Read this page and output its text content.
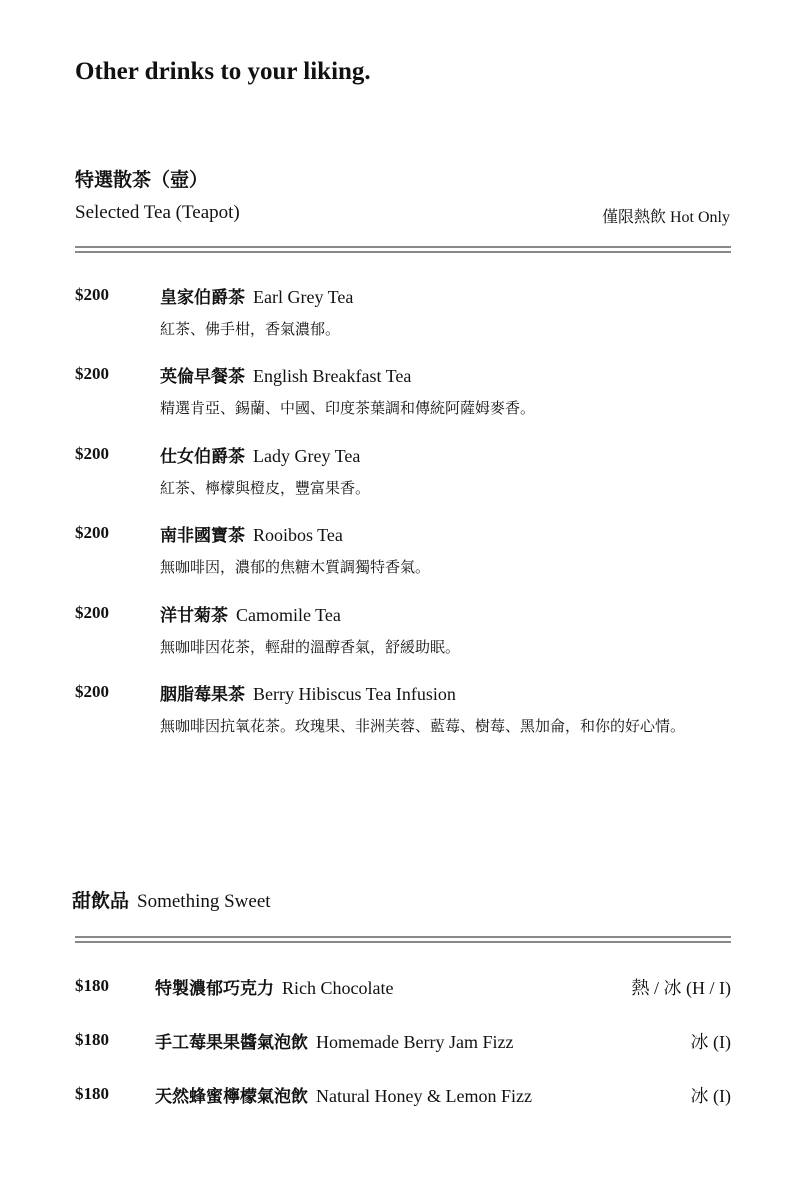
Other drinks to your liking.
特選散茶（壺）
Selected Tea (Teapot)	僅限熱飲 Hot Only
$200	皇家伯爵茶 Earl Grey Tea
紅茶、佛手柑，香氣濃郁。
$200	英倫早餐茶 English Breakfast Tea
精選肯亞、錫蘭、中國、印度茶葉調和傳統阿薩姆麥香。
$200	仕女伯爵茶 Lady Grey Tea
紅茶、檸檬與橙皮，豐富果香。
$200	南非國寶茶 Rooibos Tea
無咖啡因，濃郁的焦糖木質調獨特香氣。
$200	洋甘菊茶 Camomile Tea
無咖啡因花茶，輕甜的溫醇香氣，舒緩助眠。
$200	胭脂莓果茶 Berry Hibiscus Tea Infusion
無咖啡因抗氧花茶。玫瑰果、非洲芙蓉、藍莓、樹莓、黑加侖，和你的好心情。
甜飲品 Something Sweet
$180	特製濃郁巧克力 Rich Chocolate	熱 / 冰 (H / I)
$180	手工莓果果醬氣泡飲 Homemade Berry Jam Fizz	冰 (I)
$180	天然蜂蜜檸檬氣泡飲 Natural Honey & Lemon Fizz	冰 (I)
